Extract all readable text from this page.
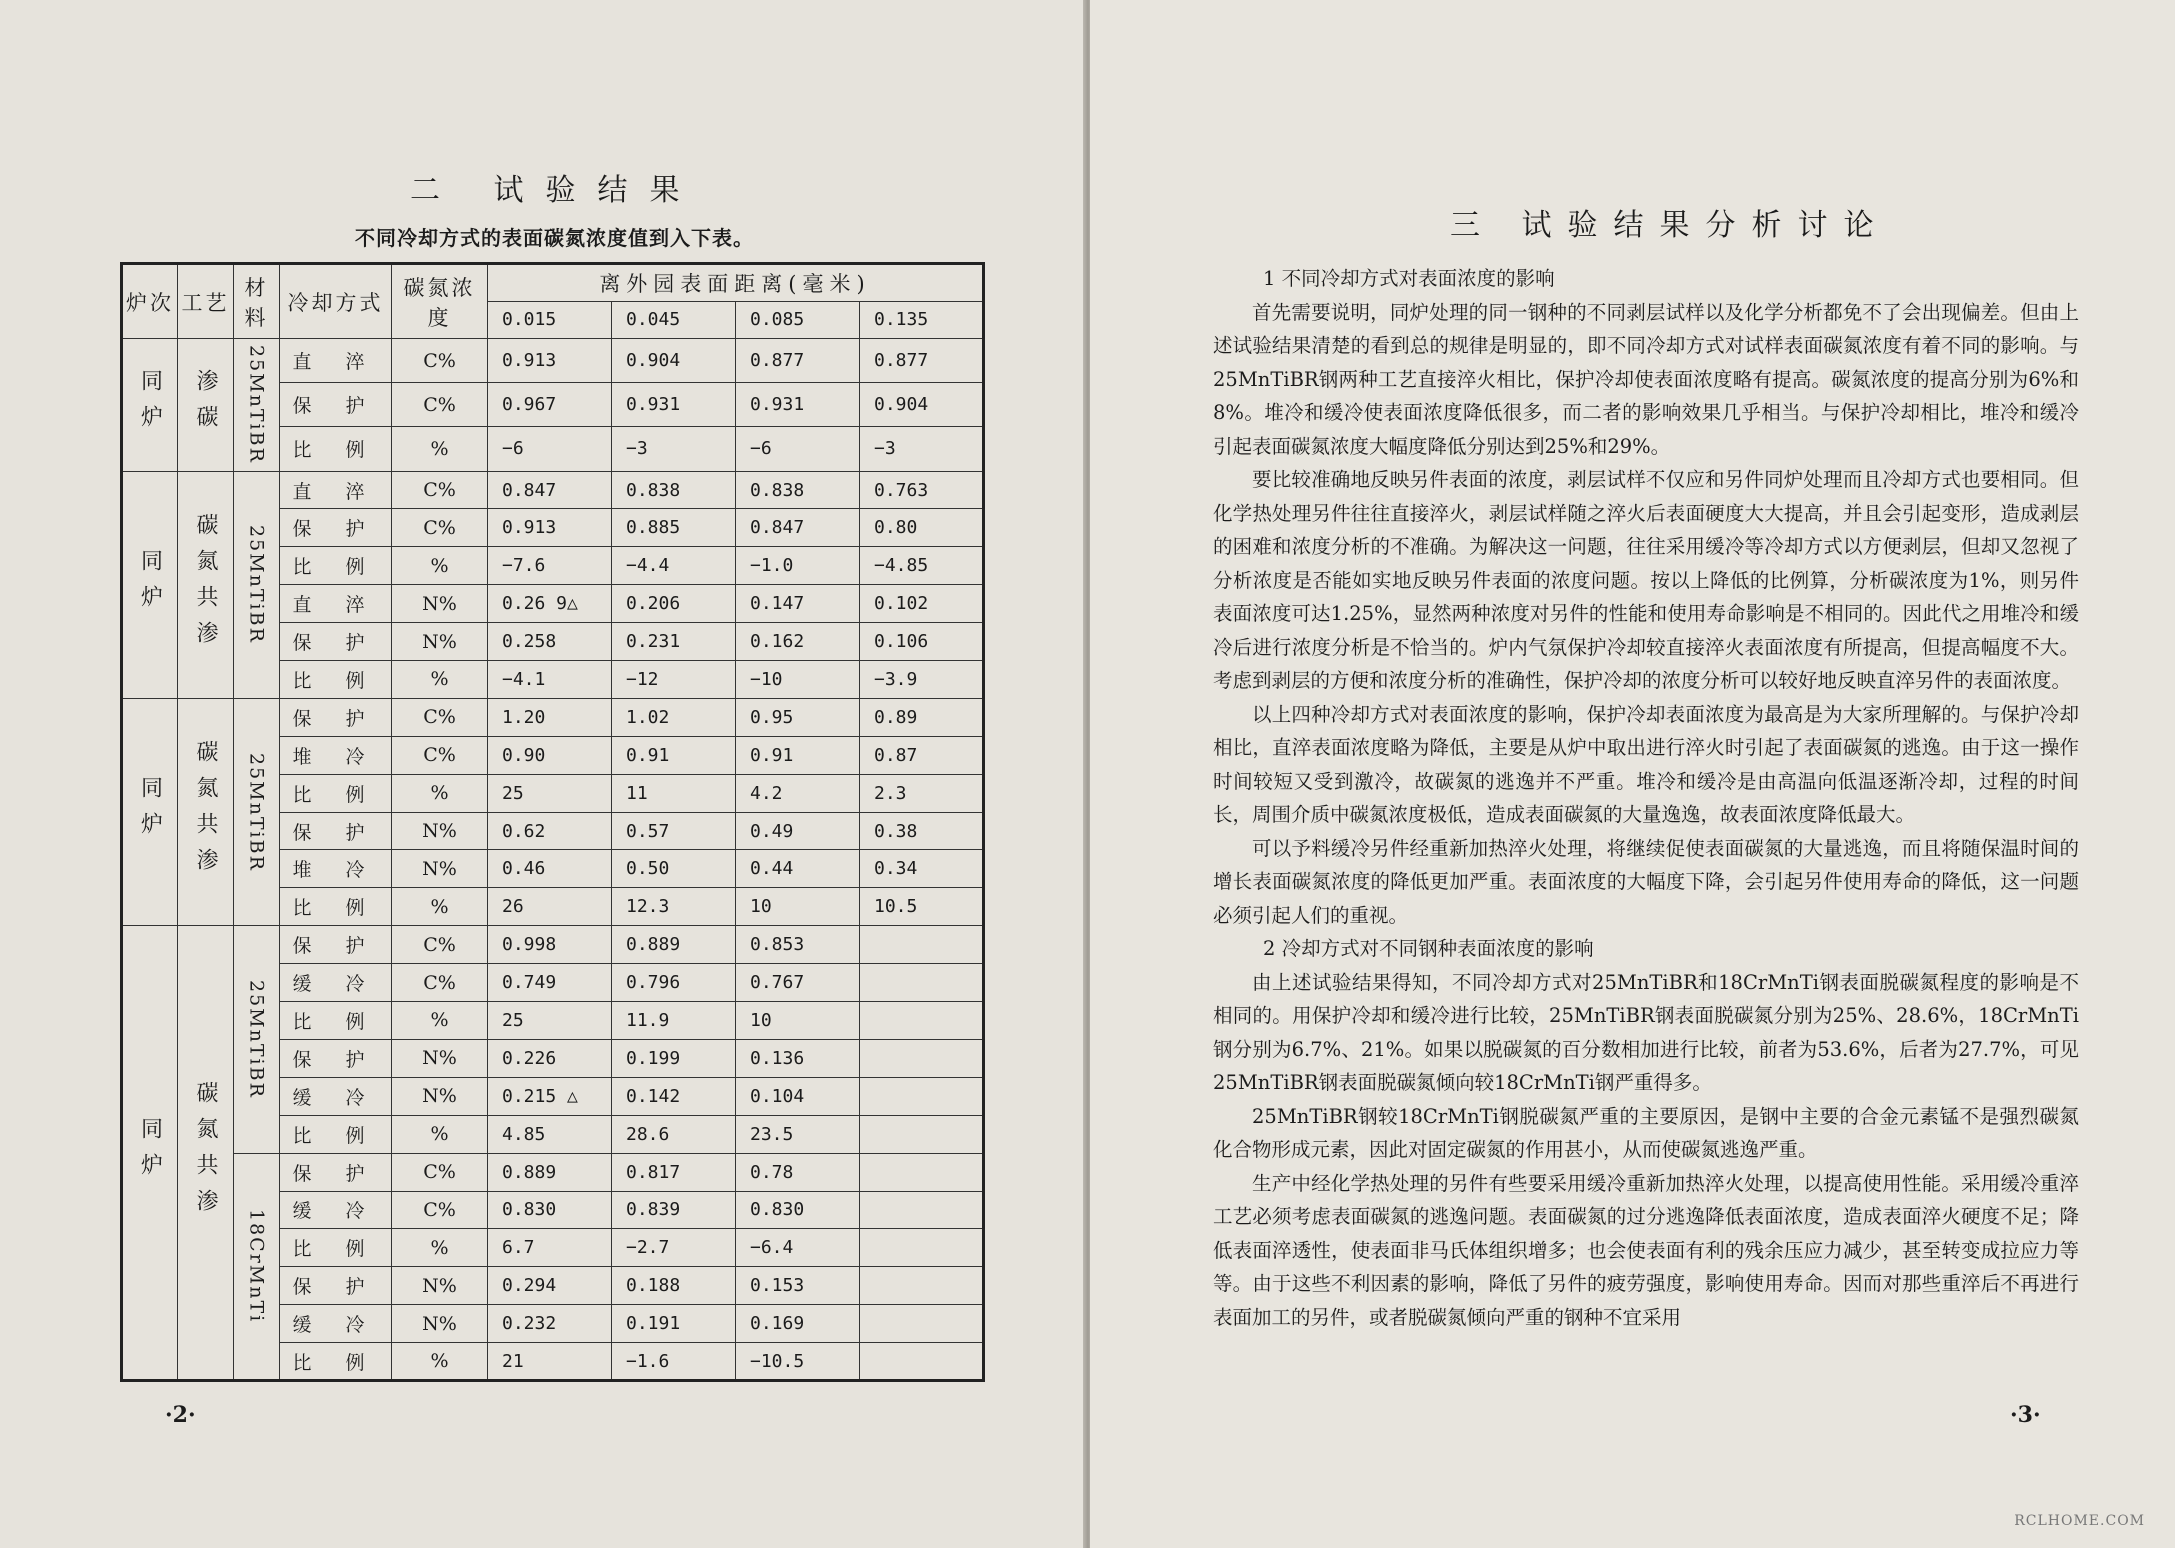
二 试验结果
不同冷却方式的表面碳氮浓度值到入下表。
炉次	工艺	材料	冷却方式	碳氮浓度	离外园表面距离(毫米)			
					0.015	0.045	0.085	0.135
同炉	渗碳	25MnTiBR	直 淬	C%	0.913	0.904	0.877	0.877
			保 护	C%	0.967	0.931	0.931	0.904
			比 例	%	−6	−3	−6	−3
同炉	碳氮共渗	25MnTiBR	直 淬	C%	0.847	0.838	0.838	0.763
			保 护	C%	0.913	0.885	0.847	0.80
			比 例	%	−7.6	−4.4	−1.0	−4.85
			直 淬	N%	0.26 9△	0.206	0.147	0.102
			保 护	N%	0.258	0.231	0.162	0.106
			比 例	%	−4.1	−12	−10	−3.9
同炉	碳氮共渗	25MnTiBR	保 护	C%	1.20	1.02	0.95	0.89
			堆 冷	C%	0.90	0.91	0.91	0.87
			比 例	%	25	11	4.2	2.3
			保 护	N%	0.62	0.57	0.49	0.38
			堆 冷	N%	0.46	0.50	0.44	0.34
			比 例	%	26	12.3	10	10.5
同炉	碳氮共渗	25MnTiBR	保 护	C%	0.998	0.889	0.853	
			缓 冷	C%	0.749	0.796	0.767	
			比 例	%	25	11.9	10	
			保 护	N%	0.226	0.199	0.136	
			缓 冷	N%	0.215 △	0.142	0.104	
			比 例	%	4.85	28.6	23.5	
		18CrMnTi	保 护	C%	0.889	0.817	0.78	
			缓 冷	C%	0.830	0.839	0.830	
			比 例	%	6.7	−2.7	−6.4	
			保 护	N%	0.294	0.188	0.153	
			缓 冷	N%	0.232	0.191	0.169	
			比 例	%	21	−1.6	−10.5	
·2·
三 试验结果分析讨论
1 不同冷却方式对表面浓度的影响

首先需要说明，同炉处理的同一钢种的不同剥层试样以及化学分析都免不了会出现偏差。但由上述试验结果清楚的看到总的规律是明显的，即不同冷却方式对试样表面碳氮浓度有着不同的影响。与25MnTiBR钢两种工艺直接淬火相比，保护冷却使表面浓度略有提高。碳氮浓度的提高分别为6%和8%。堆冷和缓冷使表面浓度降低很多，而二者的影响效果几乎相当。与保护冷却相比，堆冷和缓冷引起表面碳氮浓度大幅度降低分别达到25%和29%。

要比较准确地反映另件表面的浓度，剥层试样不仅应和另件同炉处理而且冷却方式也要相同。但化学热处理另件往往直接淬火，剥层试样随之淬火后表面硬度大大提高，并且会引起变形，造成剥层的困难和浓度分析的不准确。为解决这一问题，往往采用缓冷等冷却方式以方便剥层，但却又忽视了分析浓度是否能如实地反映另件表面的浓度问题。按以上降低的比例算，分析碳浓度为1%，则另件表面浓度可达1.25%，显然两种浓度对另件的性能和使用寿命影响是不相同的。因此代之用堆冷和缓冷后进行浓度分析是不恰当的。炉内气氛保护冷却较直接淬火表面浓度有所提高，但提高幅度不大。考虑到剥层的方便和浓度分析的准确性，保护冷却的浓度分析可以较好地反映直淬另件的表面浓度。

以上四种冷却方式对表面浓度的影响，保护冷却表面浓度为最高是为大家所理解的。与保护冷却相比，直淬表面浓度略为降低，主要是从炉中取出进行淬火时引起了表面碳氮的逃逸。由于这一操作时间较短又受到激冷，故碳氮的逃逸并不严重。堆冷和缓冷是由高温向低温逐渐冷却，过程的时间长，周围介质中碳氮浓度极低，造成表面碳氮的大量逸逸，故表面浓度降低最大。

可以予料缓冷另件经重新加热淬火处理，将继续促使表面碳氮的大量逃逸，而且将随保温时间的增长表面碳氮浓度的降低更加严重。表面浓度的大幅度下降，会引起另件使用寿命的降低，这一问题必须引起人们的重视。

2 冷却方式对不同钢种表面浓度的影响

由上述试验结果得知，不同冷却方式对25MnTiBR和18CrMnTi钢表面脱碳氮程度的影响是不相同的。用保护冷却和缓冷进行比较，25MnTiBR钢表面脱碳氮分别为25%、28.6%，18CrMnTi钢分别为6.7%、21%。如果以脱碳氮的百分数相加进行比较，前者为53.6%，后者为27.7%，可见25MnTiBR钢表面脱碳氮倾向较18CrMnTi钢严重得多。

25MnTiBR钢较18CrMnTi钢脱碳氮严重的主要原因，是钢中主要的合金元素锰不是强烈碳氮化合物形成元素，因此对固定碳氮的作用甚小，从而使碳氮逃逸严重。

生产中经化学热处理的另件有些要采用缓冷重新加热淬火处理，以提高使用性能。采用缓冷重淬工艺必须考虑表面碳氮的逃逸问题。表面碳氮的过分逃逸降低表面浓度，造成表面淬火硬度不足；降低表面淬透性，使表面非马氏体组织增多；也会使表面有利的残余压应力减少，甚至转变成拉应力等等。由于这些不利因素的影响，降低了另件的疲劳强度，影响使用寿命。因而对那些重淬后不再进行表面加工的另件，或者脱碳氮倾向严重的钢种不宜采用

·3·
RCLHOME.COM
